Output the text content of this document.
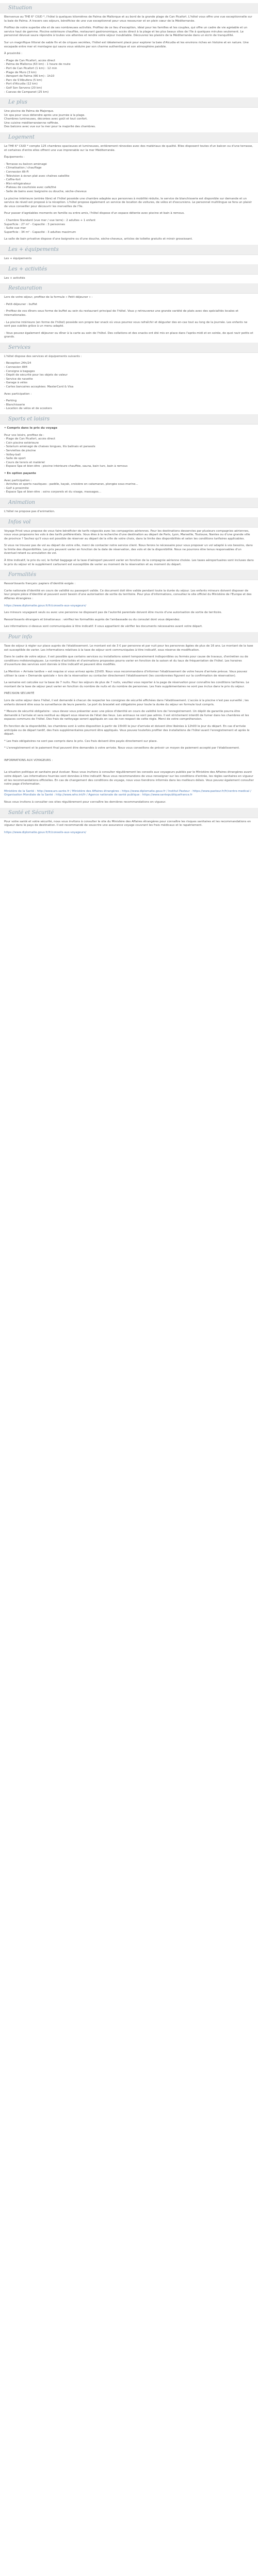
Situation

Bienvenue au THE 6° CIUD *, l'hôtel à quelques kilomètres de Palma de Mallorque et au bord de la grande plage de Can Picafort. L'hôtel vous offre une vue exceptionnelle sur la baie de Palma. A travers ses séjours, bénéficiez de une vue exceptionnel pour vous ressourcer et en plein cœur de la Méditerranée.

Profitez de notre superbe site et de ses nombreuses activités. Profitez de ce lieu d'exception, idéal pour les familles et les couples, qui offre un cadre de vie agréable et un service haut de gamme. Piscine extérieure chauffée, restaurant gastronomique, accès direct à la plage et les plus beaux sites de l'île à quelques minutes seulement. Le personnel dévoué saura répondre à toutes vos attentes et rendre votre séjour inoubliable. Découvrez les plaisirs de la Méditerranée dans un écrin de tranquillité.

Sur un magnifique littoral de sable fin et de criques secrètes, l'hôtel est idéalement placé pour explorer la baie d'Alcudia et les environs riches en histoire et en nature. Une escapade entre mer et montagne qui saura vous séduire par son charme authentique et son atmosphère paisible.

À proximité :

- Plage de Can Picafort, accès direct
- Palma de Mallorca (63 km) : 1 heure de route
- Port de Can Picafort (1 km) : 12 min
- Plage de Muro (3 km)
- Aéroport de Palma (66 km) : 1h10
- Parc de S'Albufera (5 km)
- Port d'Alcudia (12 km)
- Golf Son Servera (20 km)
- Cuevas de Campanet (25 km)
Le plus
Une piscine de Palma de Majorque.
Un spa pour vous détendre après une journée à la plage.
Chambres lumineuses, décorées avec goût et tout confort.
Une cuisine méditerranéenne raffinée.
Des balcons avec vue sur la mer pour la majorité des chambres.
Logement

Le THE 6° CIUD * compte 125 chambres spacieuses et lumineuses, entièrement rénovées avec des matériaux de qualité. Elles disposent toutes d'un balcon ou d'une terrasse, et certaines d'entre elles offrent une vue imprenable sur la mer Méditerranée.

Équipements :

- Terrasse ou balcon aménagé
- Climatisation / chauffage
- Connexion Wi-Fi
- Télévision à écran plat avec chaînes satellite
- Coffre-fort
- Mini-réfrigérateur
- Plateau de courtoisie avec café/thé
- Salle de bains avec baignoire ou douche, sèche-cheveux

La piscine intérieure (entrée libre) et l'hôtel possède une chambre adaptée aux personnes à mobilité réduite, le service de blanchisserie est disponible sur demande et un service de réveil est proposé à la réception. L'hôtel propose également un service de location de voitures, de vélos et d'excursions. Le personnel multilingue se fera un plaisir de vous conseiller pour découvrir les merveilles de l'île.

Pour passer d'agréables moments en famille ou entre amis, l'hôtel dispose d'un espace détente avec piscine et bain à remous.

- Chambre Standard (vue mer / vue terre) : 2 adultes + 1 enfant
Superficie : 27 m² - Capacité : 3 personnes
- Suite vue mer
Superficie : 34 m² - Capacité : 3 adultes maximum

La salle de bain privative dispose d'une baignoire ou d'une douche, sèche-cheveux, articles de toilette gratuits et miroir grossissant.

Les + équipements

Les + équipements

Les + activités

Les + activités

Restauration

Lors de votre séjour, profitez de la formule « Petit déjeuner » :

- Petit-déjeuner : buffet

- Profitez de vos dîners sous forme de buffet au sein du restaurant principal de l'hôtel. Vous y retrouverez une grande variété de plats avec des spécialités locales et internationales.

- La piscine intérieure (en forme de l'hôtel) possède son propre bar snack où vous pourrez vous rafraîchir et déguster des en-cas tout au long de la journée. Les enfants ne sont pas oubliés grâce à un menu adapté.

- Vous pouvez également déjeuner ou dîner à la carte au sein de l'hôtel. Des collations et des snacks ont été mis en place dans l'après-midi et en soirée, de quoi ravir petits et grands.

Services

L'hôtel dispose des services et équipements suivants :

- Réception 24h/24
- Connexion Wifi
- Consigne à bagages
- Dépôt de sécurité pour les objets de valeur
- Service de navette
- Garage à vélos
- Cartes bancaires acceptées: MasterCard & Visa

Avec participation :

- Parking
- Blanchisserie
- Location de vélos et de scooters
Sports et loisirs

• Compris dans le prix du voyage

Pour vos loisirs, profitez de :
- Plage de Can Picafort, accès direct
- Coin piscine extérieure
- Solarium aménagé de chaises longues, lits balinais et parasols
- Serviettes de piscine
- Volley-ball
- Salle de sport
- Cours de tennis et matériel
- Espace Spa et bien-être : piscine intérieure chauffée, sauna, bain turc, bain à remous

• En option payante

Avec participation :
- Activités et sports nautiques : paddle, kayak, croisière en catamaran, plongée sous-marine...
- Golf à proximité
- Espace Spa et bien-être : soins corporels et du visage, massages...
Animation

L'hôtel ne propose pas d'animation.

Infos vol

Voyage Privé vous propose de vous faire bénéficier de tarifs négociés avec les compagnies aériennes. Pour les destinations desservies par plusieurs compagnies aériennes, nous vous proposons les vols à des tarifs préférentiels. Vous êtes à la recherche d'une destination au départ de Paris, Lyon, Marseille, Toulouse, Nantes ou d'une grande ville de province ? Sachez qu'il vous est possible de réserver au départ de la ville de votre choix, dans la limite des disponibilités et selon les conditions tarifaires applicables.

Si vous ne trouvez pas de vol au départ de votre ville, merci de contacter notre service client. Nous ferons le nécessaire pour vous proposer un vol adapté à vos besoins, dans la limite des disponibilités. Les prix peuvent varier en fonction de la date de réservation, des vols et de la disponibilité. Nous ne pourrons être tenus responsables d'un éventuel retard ou annulation de vol.

À titre indicatif, le prix du vol, le forfait baggage et la taxe d'aéroport peuvent varier en fonction de la compagnie aérienne choisie. Les taxes aéroportuaires sont incluses dans le prix du séjour et le supplément carburant est susceptible de varier au moment de la réservation et au moment du départ.

Formalités

Ressortissants français: papiers d'identité exigés :

Carte nationale d'identité en cours de validité ou passeport valide. Ce document doit être valide pendant toute la durée du séjour. Les enfants mineurs doivent disposer de leur propre pièce d'identité et peuvent avoir besoin d'une autorisation de sortie du territoire. Pour plus d'informations, consultez le site officiel du Ministère de l'Europe et des Affaires étrangères :

https://www.diplomatie.gouv.fr/fr/conseils-aux-voyageurs/

Les mineurs voyageant seuls ou avec une personne ne disposant pas de l'autorité parentale doivent être munis d'une autorisation de sortie de territoire.

Ressortissants étrangers et binationaux : vérifiez les formalités auprès de l'ambassade ou du consulat dont vous dépendez.

Les informations ci-dessus sont communiquées à titre indicatif. Il vous appartient de vérifier les documents nécessaires avant votre départ.

Pour info

Taxe de séjour à régler sur place auprès de l'établissement. Le montant est de 3 € par personne et par nuit pour les personnes âgées de plus de 16 ans. Le montant de la taxe est susceptible de varier. Les informations relatives à la taxe de séjour sont communiquées à titre indicatif, sous réserve de modification.

Dans le cadre de votre séjour, il est possible que certains services ou installations soient temporairement indisponibles ou fermés pour cause de travaux, d'entretien ou de conditions météorologiques. Le nombre d'activités et d'animations proposées pourra varier en fonction de la saison et du taux de fréquentation de l'hôtel. Les horaires d'ouverture des services sont donnés à titre indicatif et peuvent être modifiés.

La Mention « Arrivée tardive » est requise si vous arrivez après 22h00. Nous vous recommandons d'informer l'établissement de votre heure d'arrivée prévue. Vous pouvez utiliser la case « Demande spéciale » lors de la réservation ou contacter directement l'établissement (les coordonnées figurent sur la confirmation de réservation).

La semaine est calculée sur la base de 7 nuits. Pour les séjours de plus de 7 nuits, veuillez vous reporter à la page de réservation pour connaître les conditions tarifaires. Le montant de la taxe de séjour peut varier en fonction du nombre de nuits et du nombre de personnes. Les frais supplémentaires ne sont pas inclus dans le prix du séjour.

PRÉCISION SÉCURITÉ

Lors de votre séjour dans l'hôtel, il est demandé à chacun de respecter les consignes de sécurité affichées dans l'établissement. L'accès à la piscine n'est pas surveillé ; les enfants doivent être sous la surveillance de leurs parents. Le port du bracelet est obligatoire pour toute la durée du séjour en formule tout compris.

* Mesure de sécurité obligatoire : vous devez vous présenter avec une pièce d'identité en cours de validité lors de l'enregistrement. Un dépôt de garantie pourra être demandé à l'arrivée et sera restitué au départ sous réserve de l'état des lieux. Les animaux ne sont pas admis. Il est strictement interdit de fumer dans les chambres et les espaces communs de l'hôtel. Des frais de nettoyage seront appliqués en cas de non-respect de cette règle. Merci de votre compréhension.

En fonction de la disponibilité, les chambres sont à votre disposition à partir de 15h00 le jour d'arrivée et doivent être libérées à 12h00 le jour du départ. En cas d'arrivée anticipée ou de départ tardif, des frais supplémentaires pourront être appliqués. Vous pouvez toutefois profiter des installations de l'hôtel avant l'enregistrement et après le départ.

* Les frais obligatoires ne sont pas compris dans le prix. Ces frais doivent être payés directement sur place.

* L'enregistrement et le paiement final peuvent être demandés à votre arrivée. Nous vous conseillons de prévoir un moyen de paiement accepté par l'établissement.

INFORMATIONS AUX VOYAGEURS :

La situation politique et sanitaire peut évoluer. Nous vous invitons à consulter régulièrement les conseils aux voyageurs publiés par le Ministère des Affaires étrangères avant votre départ. Les informations fournies sont données à titre indicatif. Nous vous recommandons de vous renseigner sur les conditions d'entrée, les règles sanitaires en vigueur et les recommandations officielles. En cas de changement des conditions de voyage, nous vous tiendrons informés dans les meilleurs délais. Vous pouvez également consulter notre page d'information.

Ministère de la Santé : http://www.ars.sante.fr / Ministère des Affaires étrangères : https://www.diplomatie.gouv.fr / Institut Pasteur : https://www.pasteur.fr/fr/centre-medical / Organisation Mondiale de la Santé : http://www.who.int/fr / Agence nationale de santé publique : https://www.santepubliquefrance.fr

Nous vous invitons à consulter ces sites régulièrement pour connaître les dernières recommandations en vigueur.

Santé et Sécurité

Pour votre santé et votre sécurité, nous vous invitons à consulter le site du Ministère des Affaires étrangères pour connaître les risques sanitaires et les recommandations en vigueur dans le pays de destination. Il est recommandé de souscrire une assurance voyage couvrant les frais médicaux et le rapatriement.

https://www.diplomatie.gouv.fr/fr/conseils-aux-voyageurs/
